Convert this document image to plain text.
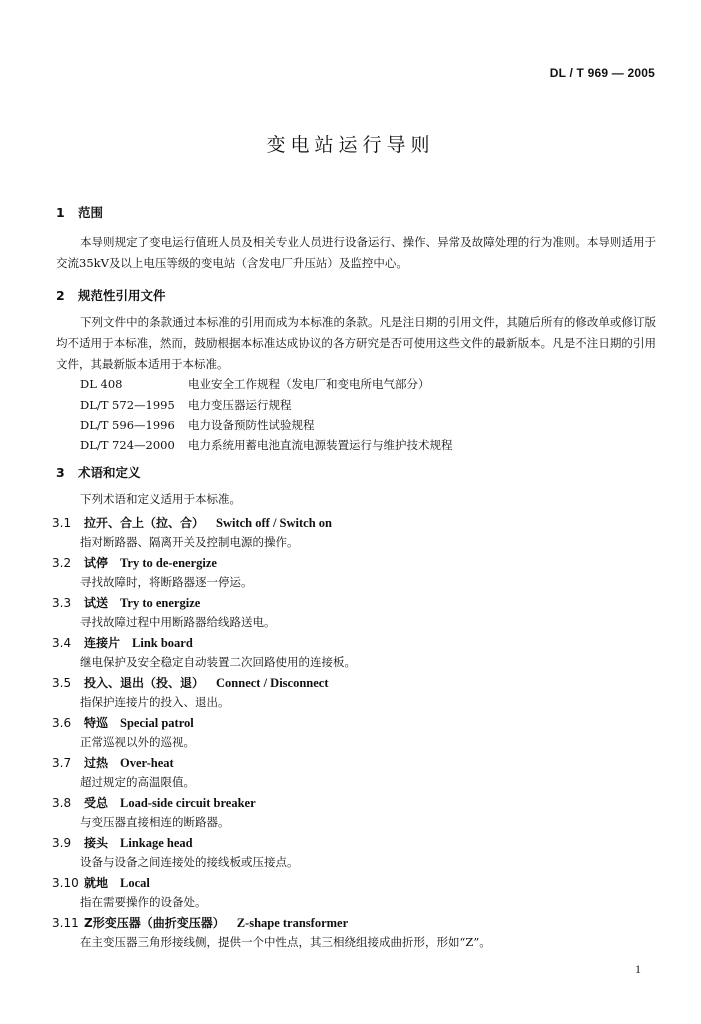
DL / T 969 — 2005
变电站运行导则
1 范围
本导则规定了变电运行值班人员及相关专业人员进行设备运行、操作、异常及故障处理的行为准则。本导则适用于交流35kV及以上电压等级的变电站（含发电厂升压站）及监控中心。
2 规范性引用文件
下列文件中的条款通过本标准的引用而成为本标准的条款。凡是注日期的引用文件，其随后所有的修改单或修订版均不适用于本标准，然而，鼓励根据本标准达成协议的各方研究是否可使用这些文件的最新版本。凡是不注日期的引用文件，其最新版本适用于本标准。
DL 408	电业安全工作规程（发电厂和变电所电气部分）
DL/T 572—1995 电力变压器运行规程
DL/T 596—1996 电力设备预防性试验规程
DL/T 724—2000 电力系统用蓄电池直流电源装置运行与维护技术规程
3 术语和定义
下列术语和定义适用于本标准。
3.1 拉开、合上（拉、合） Switch off / Switch on
指对断路器、隔离开关及控制电源的操作。
3.2 试停 Try to de-energize
寻找故障时，将断路器逐一停运。
3.3 试送 Try to energize
寻找故障过程中用断路器给线路送电。
3.4 连接片 Link board
继电保护及安全稳定自动装置二次回路使用的连接板。
3.5 投入、退出（投、退） Connect / Disconnect
指保护连接片的投入、退出。
3.6 特巡 Special patrol
正常巡视以外的巡视。
3.7 过热 Over-heat
超过规定的高温限值。
3.8 受总 Load-side circuit breaker
与变压器直接相连的断路器。
3.9 接头 Linkage head
设备与设备之间连接处的接线板或压接点。
3.10 就地 Local
指在需要操作的设备处。
3.11 Z形变压器（曲折变压器） Z-shape transformer
在主变压器三角形接线侧，提供一个中性点，其三相绕组接成曲折形，形如“Z”。
1
